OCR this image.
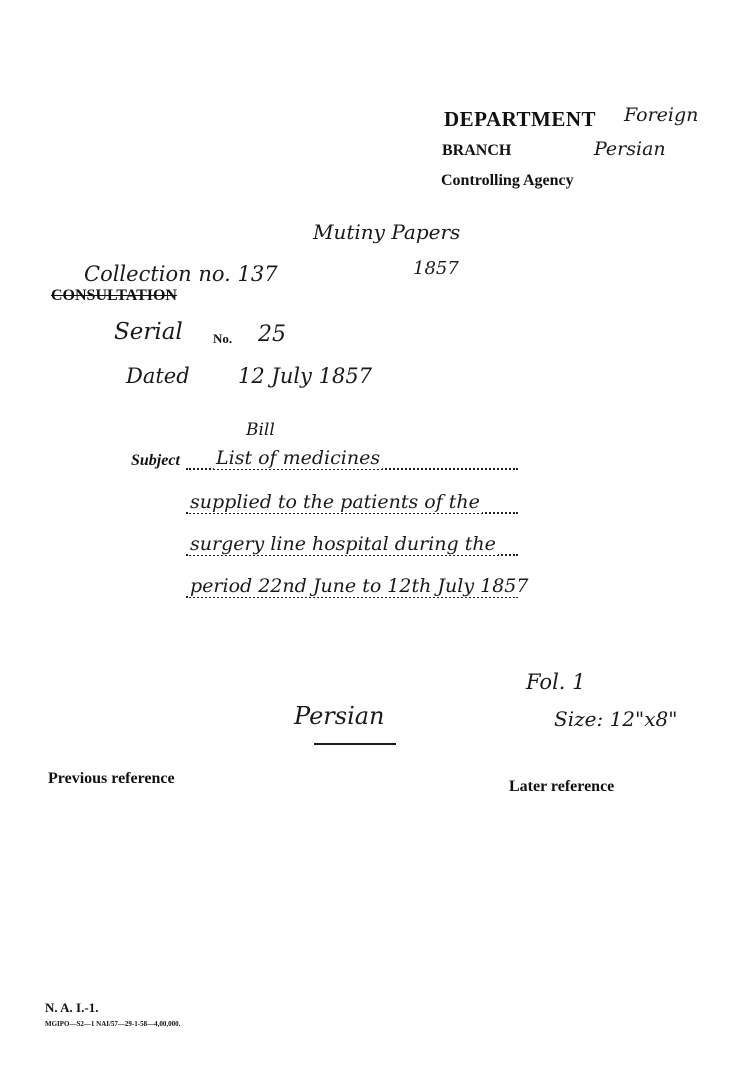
DEPARTMENT Foreign
BRANCH	Persian
Controlling Agency
Mutiny Papers
1857
Collection no. 137
CONSULTATION
Serial No. 25
Dated 12 July 1857
Bill
Subject List of medicines
supplied to the patients of the
surgery line hospital during the
period 22nd June to 12th July 1857
Fol. 1
Size: 12"x8"
Persian
Previous reference	Later reference
N. A. I.-1.
MGIPO—S2—1 NAI/57—29-1-58—4,00,000.
